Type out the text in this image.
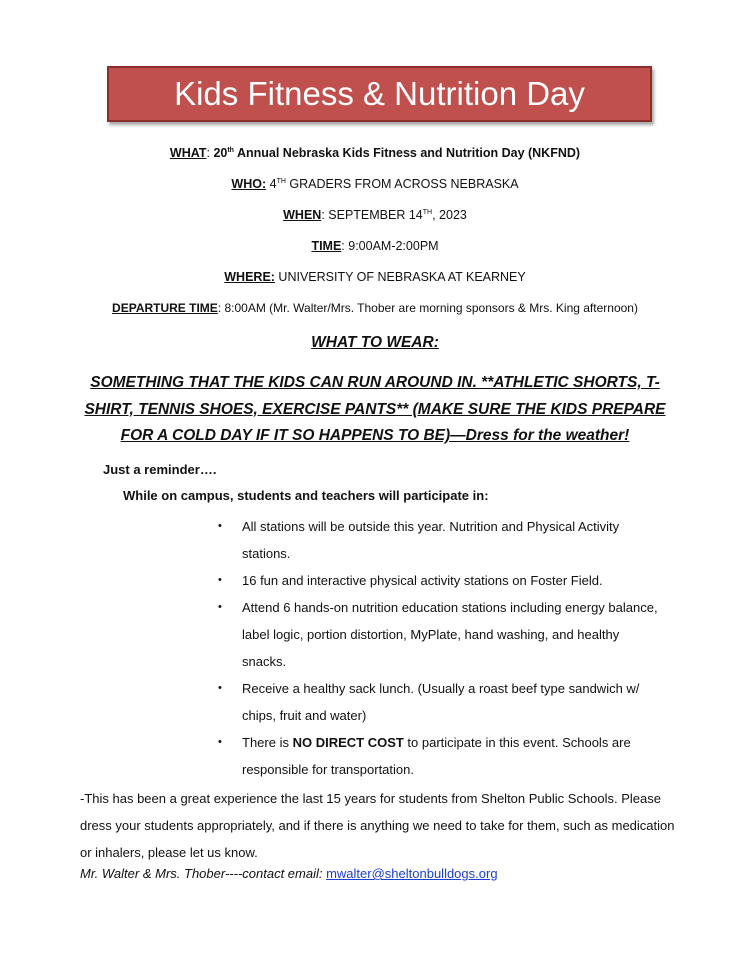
Kids Fitness & Nutrition Day
WHAT: 20th Annual Nebraska Kids Fitness and Nutrition Day (NKFND)
WHO: 4TH GRADERS FROM ACROSS NEBRASKA
WHEN: SEPTEMBER 14TH, 2023
TIME: 9:00AM-2:00PM
WHERE: UNIVERSITY OF NEBRASKA AT KEARNEY
DEPARTURE TIME: 8:00AM (Mr. Walter/Mrs. Thober are morning sponsors & Mrs. King afternoon)
WHAT TO WEAR:
SOMETHING THAT THE KIDS CAN RUN AROUND IN. **ATHLETIC SHORTS, T-SHIRT, TENNIS SHOES, EXERCISE PANTS** (MAKE SURE THE KIDS PREPARE FOR A COLD DAY IF IT SO HAPPENS TO BE)—Dress for the weather!
Just a reminder….
While on campus, students and teachers will participate in:
• All stations will be outside this year. Nutrition and Physical Activity stations.
• 16 fun and interactive physical activity stations on Foster Field.
• Attend 6 hands-on nutrition education stations including energy balance, label logic, portion distortion, MyPlate, hand washing, and healthy snacks.
• Receive a healthy sack lunch. (Usually a roast beef type sandwich w/ chips, fruit and water)
• There is NO DIRECT COST to participate in this event. Schools are responsible for transportation.
-This has been a great experience the last 15 years for students from Shelton Public Schools. Please dress your students appropriately, and if there is anything we need to take for them, such as medication or inhalers, please let us know.
Mr. Walter & Mrs. Thober----contact email: mwalter@sheltonbulldogs.org
